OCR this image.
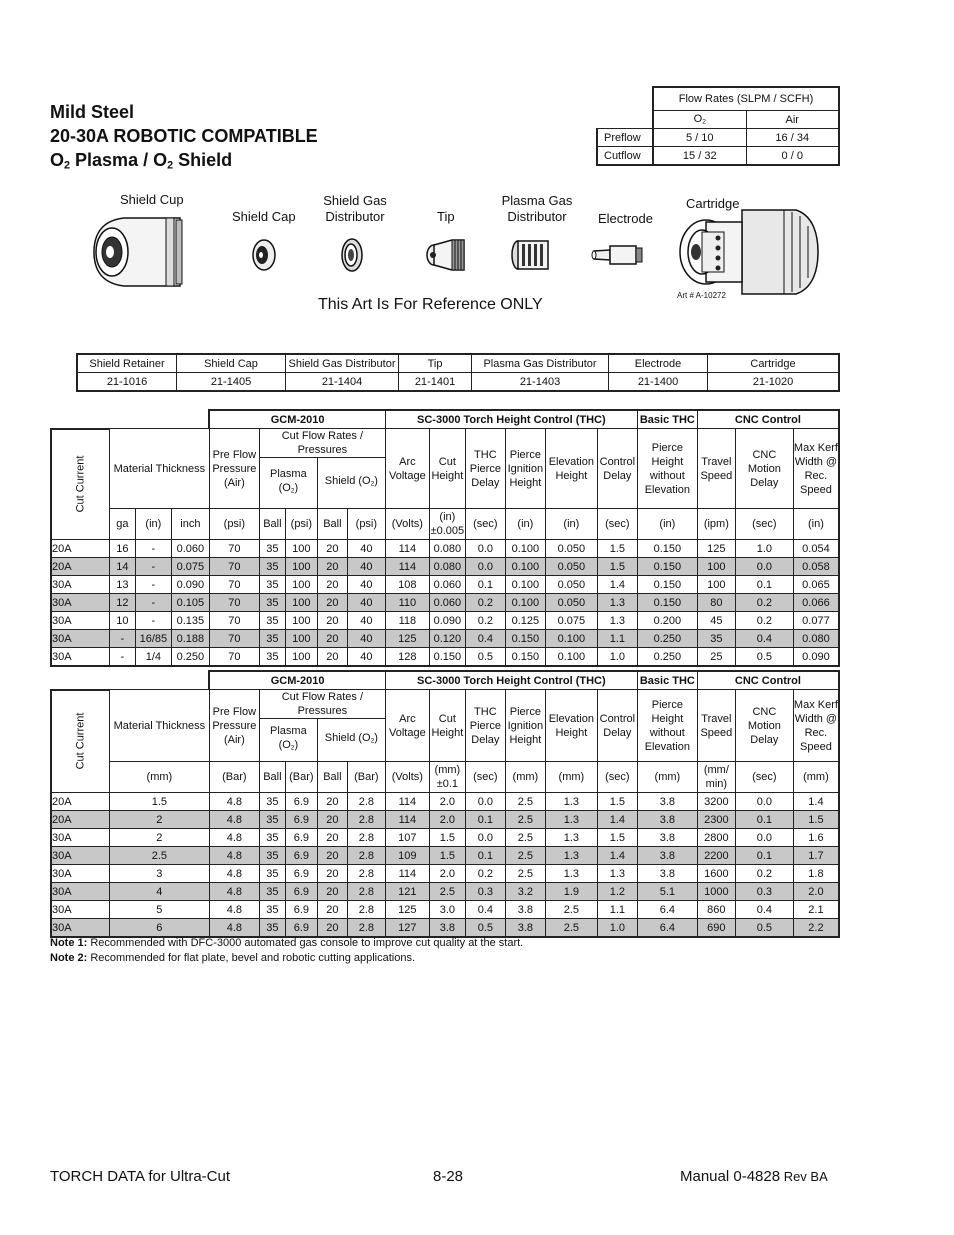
Mild Steel
20-30A ROBOTIC COMPATIBLE
$O_2$ Plasma / $O_2$ Shield
	Flow Rates (SLPM / SCFH)	
	$O_2$	Air
Preflow	5 / 10	16 / 34
Cutflow	15 / 32	0 / 0
Shield Cup
Shield Cap
Shield Gas
Distributor	Tip
Plasma Gas
Distributor	Electrode
Cartridge
This Art Is For Reference ONLY
Art # A-10272
Shield Retainer	Shield Cap	Shield Gas Distributor	Tip	Plasma Gas Distributor	Electrode	Cartridge
21-1016	21-1405	21-1404	21-1401	21-1403	21-1400	21-1020
				GCM-2010					SC-3000 Torch Height Control (THC)						Basic THC	CNC Control		
Cut Current	Material Thickness			Pre Flow Pressure (Air)	Cut Flow Rates / Pressures				Arc Voltage	Cut Height	THC Pierce Delay	Pierce Ignition Height	Elevation Height	Control Delay	Pierce Height without Elevation	Travel Speed	CNC Motion Delay	Max Kerf Width @ Rec. Speed
					Plasma $(O_2)$		Shield $(O_2)$											
	ga	(in)	inch	(psi)	Ball	(psi)	Ball	(psi)	(Volts)	(in) ±0.005	(sec)	(in)	(in)	(sec)	(in)	(ipm)	(sec)	(in)
20A	16	-	0.060	70	35	100	20	40	114	0.080	0.0	0.100	0.050	1.5	0.150	125	1.0	0.054
20A	14	-	0.075	70	35	100	20	40	114	0.080	0.0	0.100	0.050	1.5	0.150	100	0.0	0.058
30A	13	-	0.090	70	35	100	20	40	108	0.060	0.1	0.100	0.050	1.4	0.150	100	0.1	0.065
30A	12	-	0.105	70	35	100	20	40	110	0.060	0.2	0.100	0.050	1.3	0.150	80	0.2	0.066
30A	10	-	0.135	70	35	100	20	40	118	0.090	0.2	0.125	0.075	1.3	0.200	45	0.2	0.077
30A	-	16/85	0.188	70	35	100	20	40	125	0.120	0.4	0.150	0.100	1.1	0.250	35	0.4	0.080
30A	-	1/4	0.250	70	35	100	20	40	128	0.150	0.5	0.150	0.100	1.0	0.250	25	0.5	0.090
		GCM-2010					SC-3000 Torch Height Control (THC)						Basic THC	CNC Control		
Cut Current	Material Thickness	Pre Flow Pressure (Air)	Cut Flow Rates / Pressures				Arc Voltage	Cut Height	THC Pierce Delay	Pierce Ignition Height	Elevation Height	Control Delay	Pierce Height without Elevation	Travel Speed	CNC Motion Delay	Max Kerf Width @ Rec. Speed
			Plasma $(O_2)$		Shield $(O_2)$											
	(mm)	(Bar)	Ball	(Bar)	Ball	(Bar)	(Volts)	(mm) ±0.1	(sec)	(mm)	(mm)	(sec)	(mm)	(mm/ min)	(sec)	(mm)
20A	1.5	4.8	35	6.9	20	2.8	114	2.0	0.0	2.5	1.3	1.5	3.8	3200	0.0	1.4
20A	2	4.8	35	6.9	20	2.8	114	2.0	0.1	2.5	1.3	1.4	3.8	2300	0.1	1.5
30A	2	4.8	35	6.9	20	2.8	107	1.5	0.0	2.5	1.3	1.5	3.8	2800	0.0	1.6
30A	2.5	4.8	35	6.9	20	2.8	109	1.5	0.1	2.5	1.3	1.4	3.8	2200	0.1	1.7
30A	3	4.8	35	6.9	20	2.8	114	2.0	0.2	2.5	1.3	1.3	3.8	1600	0.2	1.8
30A	4	4.8	35	6.9	20	2.8	121	2.5	0.3	3.2	1.9	1.2	5.1	1000	0.3	2.0
30A	5	4.8	35	6.9	20	2.8	125	3.0	0.4	3.8	2.5	1.1	6.4	860	0.4	2.1
30A	6	4.8	35	6.9	20	2.8	127	3.8	0.5	3.8	2.5	1.0	6.4	690	0.5	2.2
Note 1: Recommended with DFC-3000 automated gas console to improve cut quality at the start.
Note 2: Recommended for flat plate, bevel and robotic cutting applications.
TORCH DATA for Ultra-Cut	8-28	Manual 0-4828 Rev BA
